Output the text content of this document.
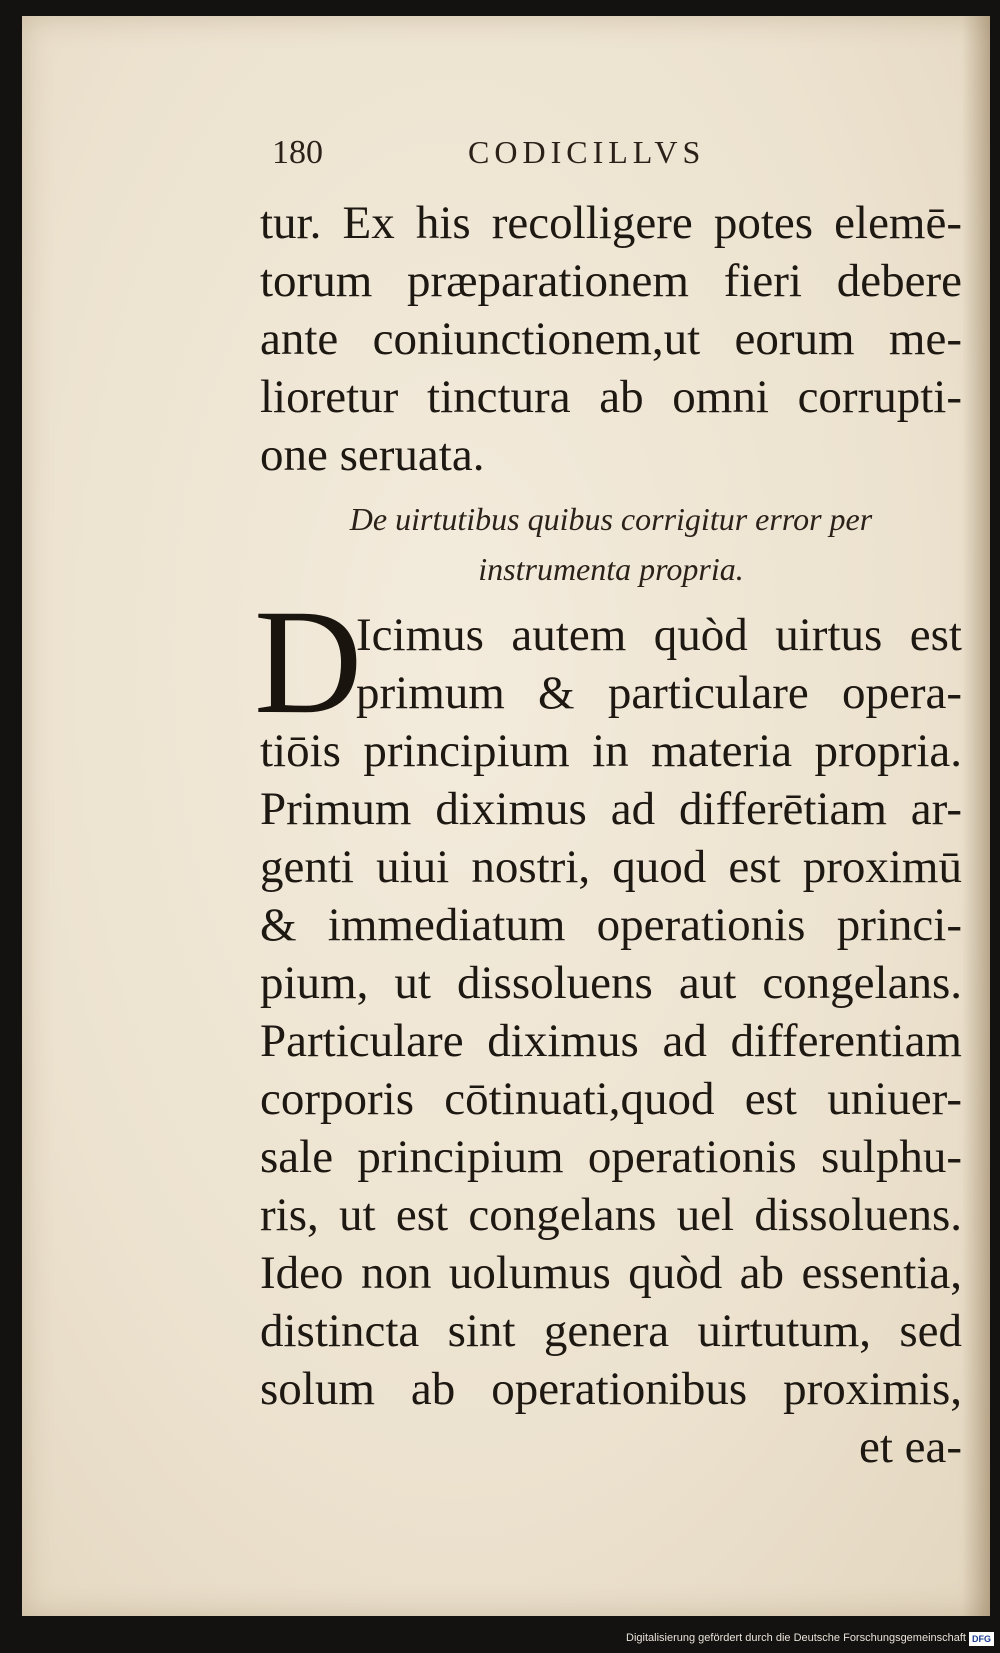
180	CODICILLVS
tur. Ex his recolligere potes elemē-
torum præparationem fieri debere
ante coniunctionem,ut eorum me-
lioretur tinctura ab omni corrupti-
one seruata.
De uirtutibus quibus corrigitur error per
instrumenta propria.
D
Icimus autem quòd uirtus est
primum & particulare opera-
tiōis principium in materia propria.
Primum diximus ad differētiam ar-
genti uiui nostri, quod est proximū
& immediatum operationis princi-
pium, ut dissoluens aut congelans.
Particulare diximus ad differentiam
corporis cōtinuati,quod est uniuer-
sale principium operationis sulphu-
ris, ut est congelans uel dissoluens.
Ideo non uolumus quòd ab essentia,
distincta sint genera uirtutum, sed
solum ab operationibus proximis,
et ea-
Digitalisierung gefördert durch die Deutsche Forschungsgemeinschaft DFG
